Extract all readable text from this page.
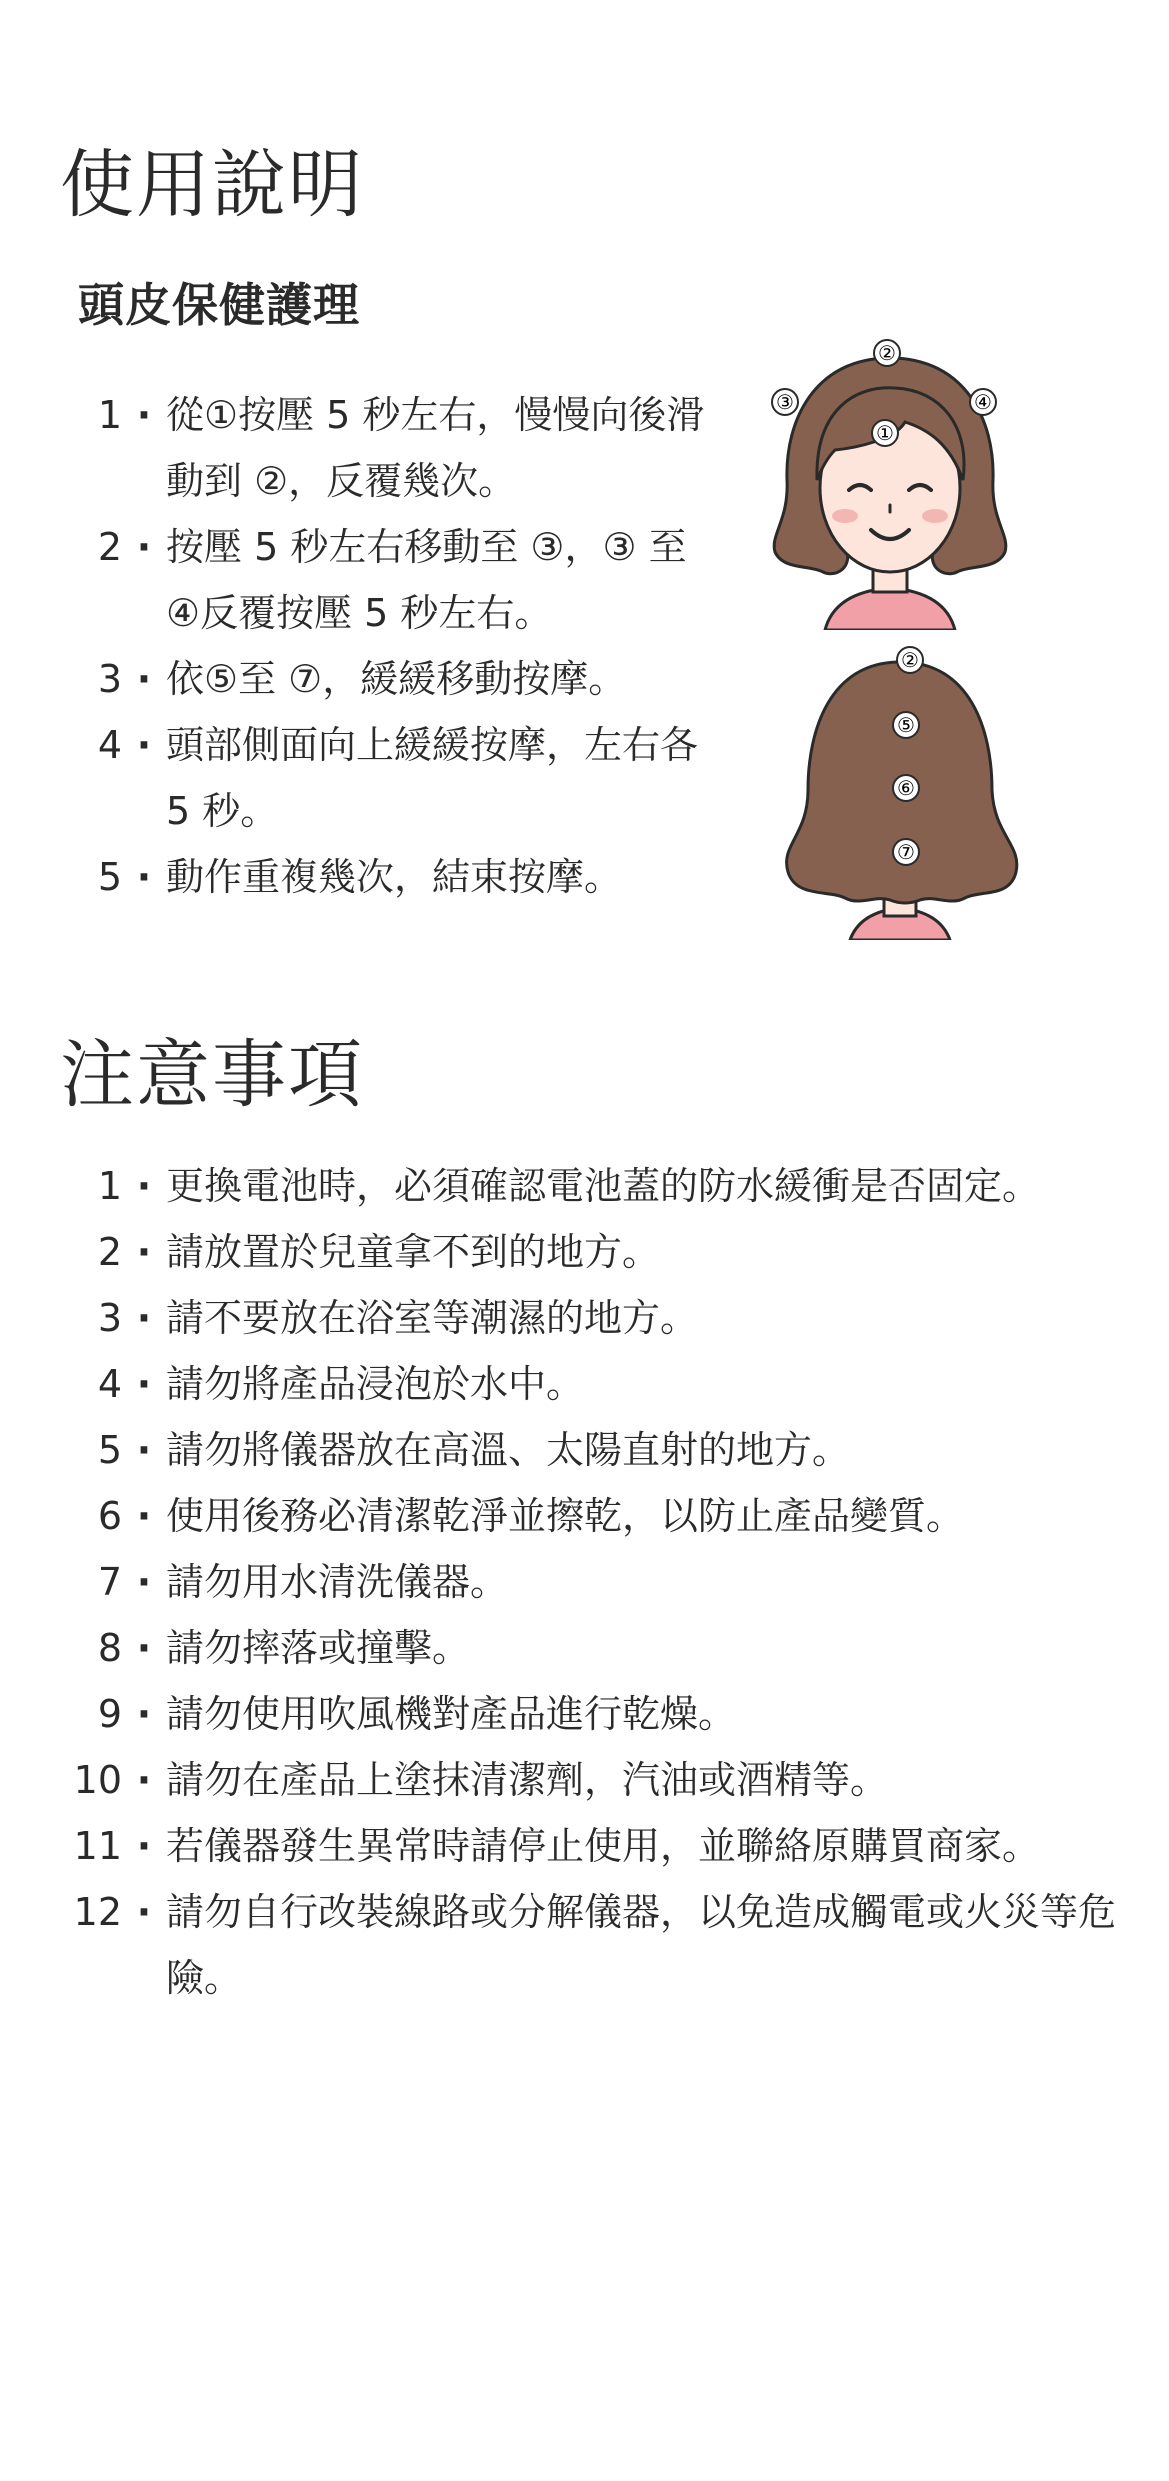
使用說明
頭皮保健護理
1 · 從①按壓 5 秒左右，慢慢向後滑動到 ②，反覆幾次。
2 · 按壓 5 秒左右移動至 ③，③ 至④反覆按壓 5 秒左右。
3 · 依⑤至 ⑦，緩緩移動按摩。
4 · 頭部側面向上緩緩按摩，左右各 5 秒。
5 · 動作重複幾次，結束按摩。
②
③	④
①
②
⑤
⑥
⑦
注意事項
1 · 更換電池時，必須確認電池蓋的防水緩衝是否固定。
2 · 請放置於兒童拿不到的地方。
3 · 請不要放在浴室等潮濕的地方。
4 · 請勿將產品浸泡於水中。
5 · 請勿將儀器放在高溫、太陽直射的地方。
6 · 使用後務必清潔乾淨並擦乾，以防止產品變質。
7 · 請勿用水清洗儀器。
8 · 請勿摔落或撞擊。
9 · 請勿使用吹風機對產品進行乾燥。
10 · 請勿在產品上塗抹清潔劑，汽油或酒精等。
11 · 若儀器發生異常時請停止使用，並聯絡原購買商家。
12 · 請勿自行改裝線路或分解儀器，以免造成觸電或火災等危險。
